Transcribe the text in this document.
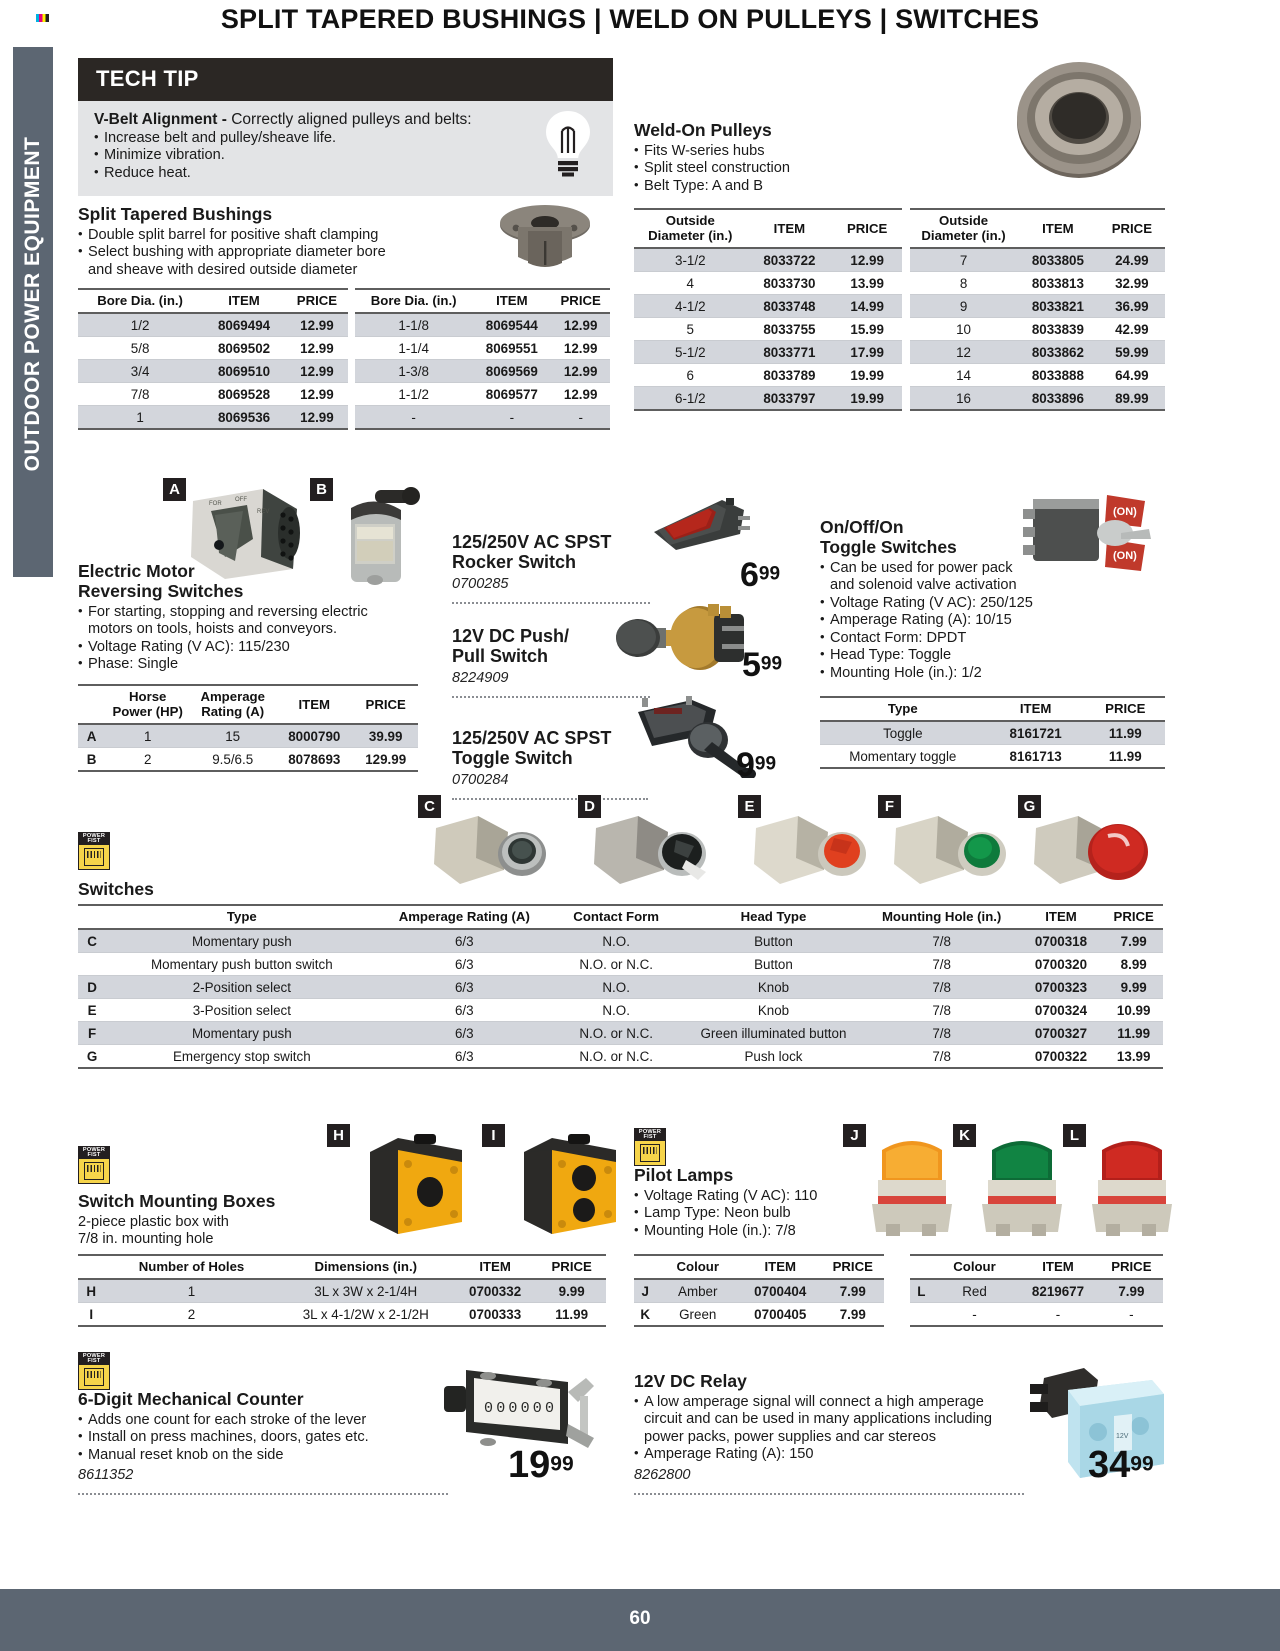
SPLIT TAPERED BUSHINGS | WELD ON PULLEYS | SWITCHES
OUTDOOR POWER EQUIPMENT
TECH TIP
V-Belt Alignment - Correctly aligned pulleys and belts:
• Increase belt and pulley/sheave life.
• Minimize vibration.
• Reduce heat.
Split Tapered Bushings
• Double split barrel for positive shaft clamping
• Select bushing with appropriate diameter bore
and sheave with desired outside diameter
Bore Dia. (in.)	ITEM	PRICE
1/2	8069494	12.99
5/8	8069502	12.99
3/4	8069510	12.99
7/8	8069528	12.99
1	8069536	12.99
Bore Dia. (in.)	ITEM	PRICE
1-1/8	8069544	12.99
1-1/4	8069551	12.99
1-3/8	8069569	12.99
1-1/2	8069577	12.99
-	-	-
Weld-On Pulleys
• Fits W-series hubs
• Split steel construction
• Belt Type: A and B
Outside
Diameter (in.)	ITEM	PRICE
3-1/2	8033722	12.99
4	8033730	13.99
4-1/2	8033748	14.99
5	8033755	15.99
5-1/2	8033771	17.99
6	8033789	19.99
6-1/2	8033797	19.99
Outside
Diameter (in.)	ITEM	PRICE
7	8033805	24.99
8	8033813	32.99
9	8033821	36.99
10	8033839	42.99
12	8033862	59.99
14	8033888	64.99
16	8033896	89.99
A
FOR
OFF
REV
B
Electric Motor
Reversing Switches
• For starting, stopping and reversing electric
motors on tools, hoists and conveyors.
• Voltage Rating (V AC): 115/230
• Phase: Single
	Horse
Power (HP)	Amperage
Rating (A)	ITEM	PRICE
A	1	15	8000790	39.99
B	2	9.5/6.5	8078693	129.99
125/250V AC SPST
Rocker Switch
0700285	699
12V DC Push/
Pull Switch
8224909	599
125/250V AC SPST
Toggle Switch
0700284	999
(ON)
(ON)
On/Off/On
Toggle Switches
• Can be used for power pack
and solenoid valve activation
• Voltage Rating (V AC): 250/125
• Amperage Rating (A): 10/15
• Contact Form: DPDT
• Head Type: Toggle
• Mounting Hole (in.): 1/2
Type	ITEM	PRICE
Toggle	8161721	11.99
Momentary toggle	8161713	11.99
C	D	E	F	G
POWER
FIST
Switches
	Type	Amperage Rating (A)	Contact Form	Head Type	Mounting Hole (in.)	ITEM	PRICE
C	Momentary push	6/3	N.O.	Button	7/8	0700318	7.99
	Momentary push button switch	6/3	N.O. or N.C.	Button	7/8	0700320	8.99
D	2-Position select	6/3	N.O.	Knob	7/8	0700323	9.99
E	3-Position select	6/3	N.O.	Knob	7/8	0700324	10.99
F	Momentary push	6/3	N.O. or N.C.	Green illuminated button	7/8	0700327	11.99
G	Emergency stop switch	6/3	N.O. or N.C.	Push lock	7/8	0700322	13.99
H	I
POWER
FIST
Switch Mounting Boxes
2-piece plastic box with
7/8 in. mounting hole
	Number of Holes	Dimensions (in.)	ITEM	PRICE
H	1	3L x 3W x 2-1/4H	0700332	9.99
I	2	3L x 4-1/2W x 2-1/2H	0700333	11.99
J	K	L
POWER
FIST
Pilot Lamps
• Voltage Rating (V AC): 110
• Lamp Type: Neon bulb
• Mounting Hole (in.): 7/8
	Colour	ITEM	PRICE
J	Amber	0700404	7.99
K	Green	0700405	7.99
	Colour	ITEM	PRICE
L	Red	8219677	7.99
	-	-	-
POWER
FIST
6-Digit Mechanical Counter
• Adds one count for each stroke of the lever
• Install on press machines, doors, gates etc.
• Manual reset knob on the side
8611352
000000
1999
12V DC Relay
• A low amperage signal will connect a high amperage
circuit and can be used in many applications including
power packs, power supplies and car stereos
• Amperage Rating (A): 150
8262800
12V
3499
60
